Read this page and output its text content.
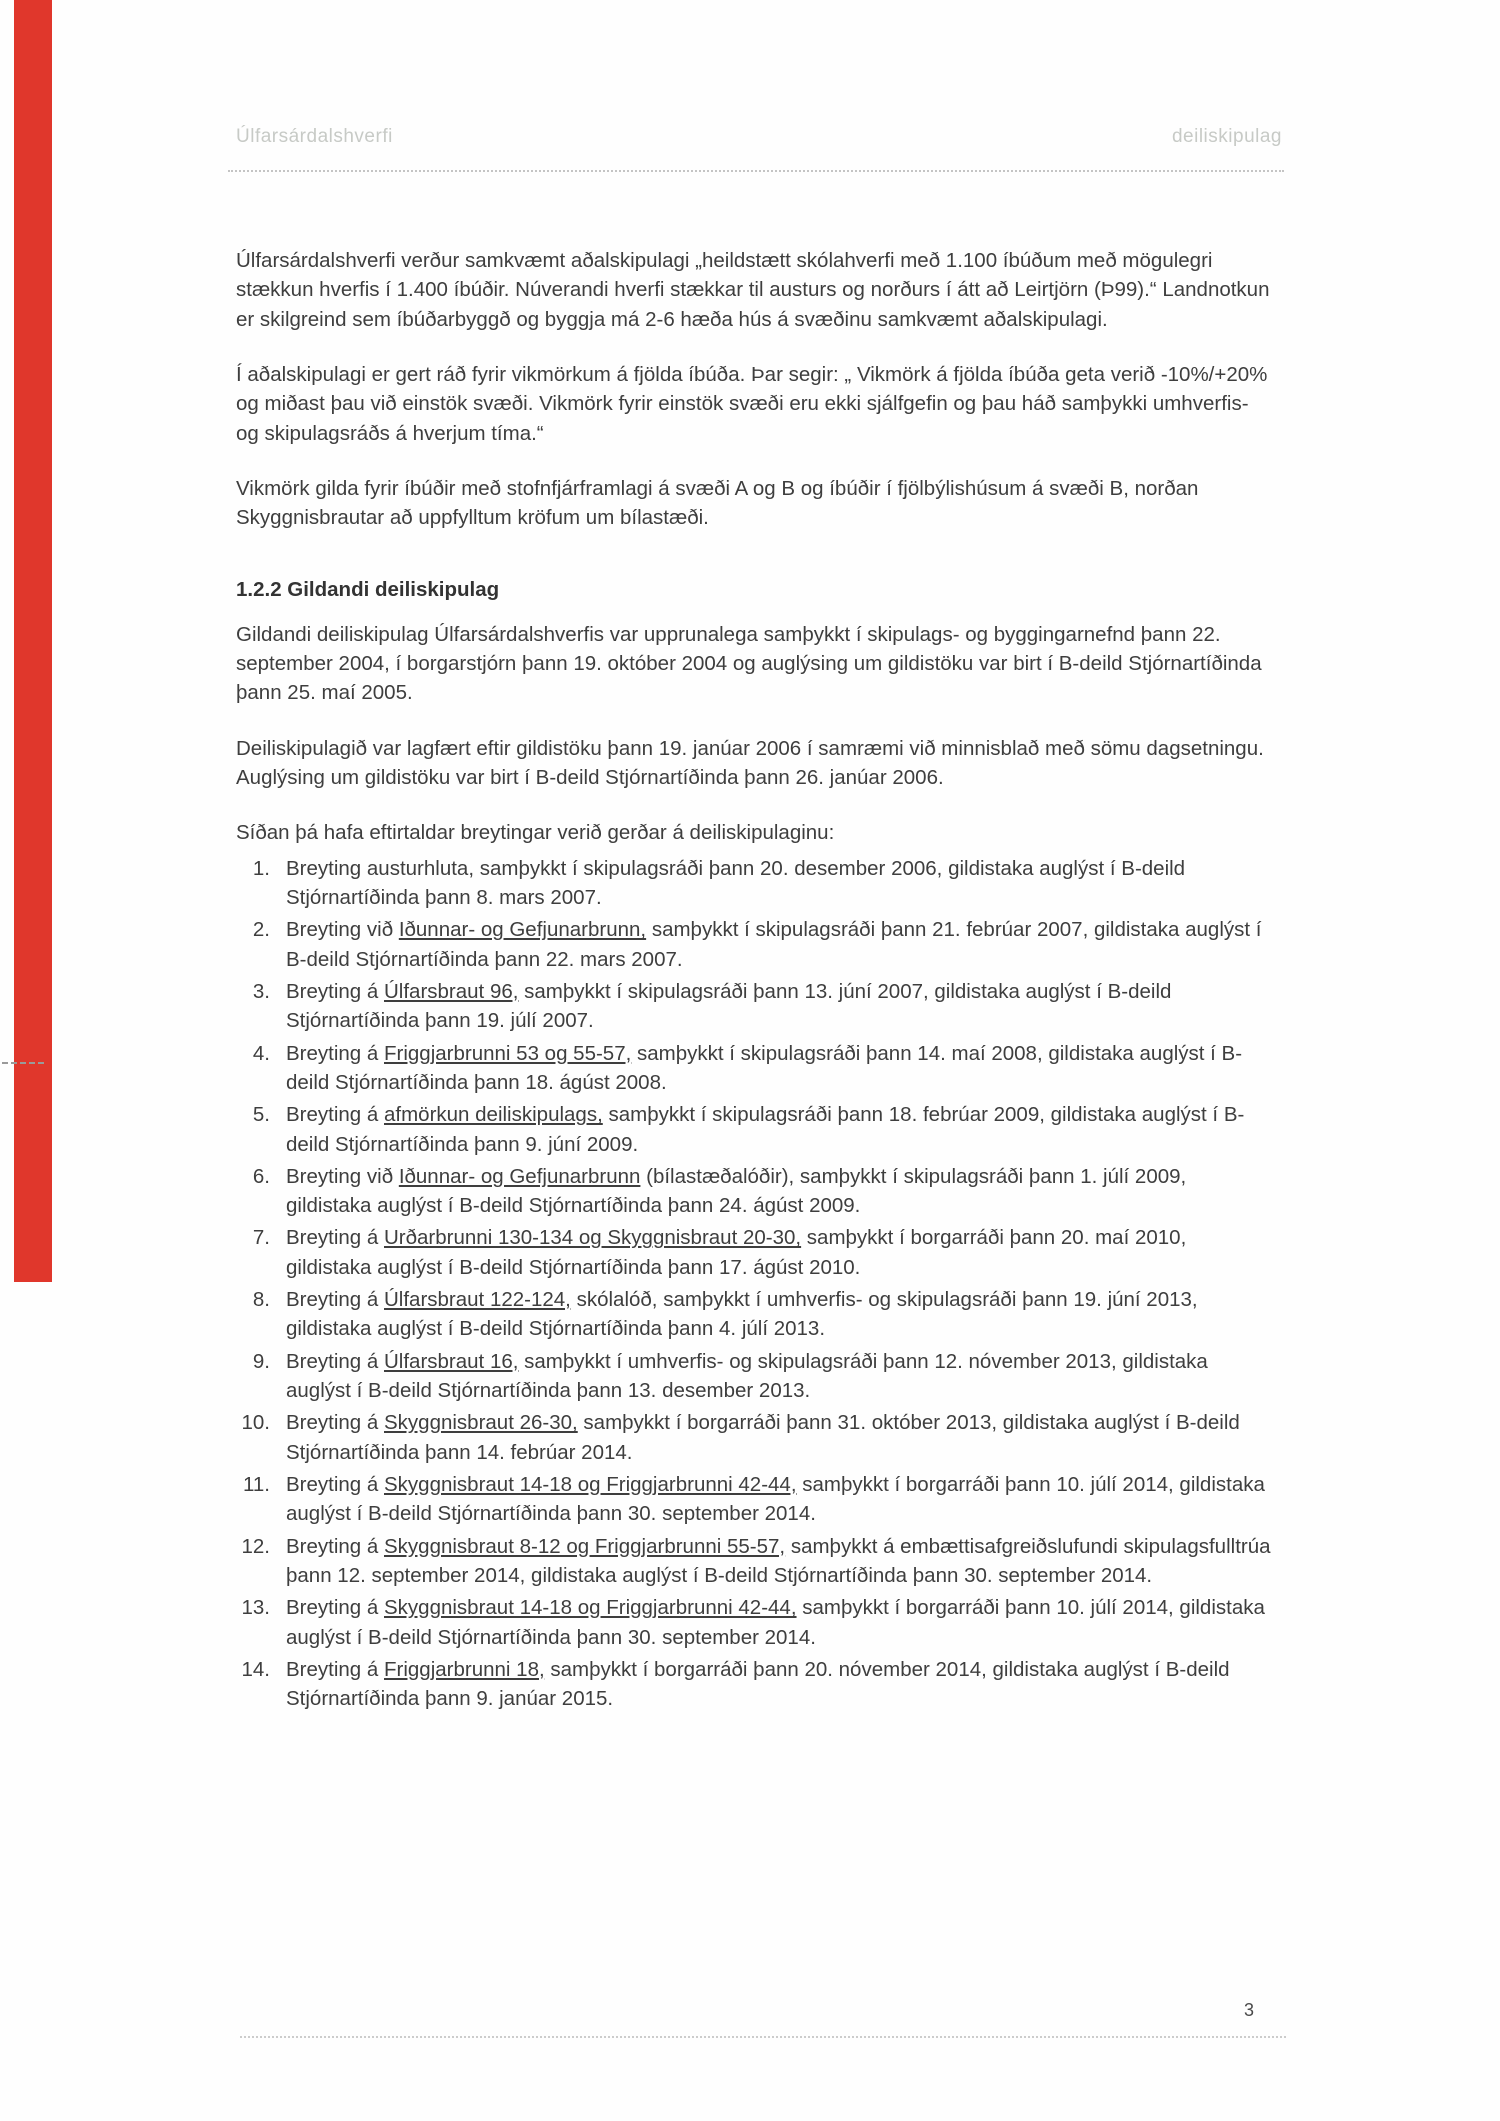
Úlfarsárdalshverfi	deiliskipulag

Úlfarsárdalshverfi verður samkvæmt aðalskipulagi „heildstætt skólahverfi með 1.100 íbúðum með mögulegri stækkun hverfis í 1.400 íbúðir. Núverandi hverfi stækkar til austurs og norðurs í átt að Leirtjörn (Þ99).“ Landnotkun er skilgreind sem íbúðarbyggð og byggja má 2-6 hæða hús á svæðinu samkvæmt aðalskipulagi.

Í aðalskipulagi er gert ráð fyrir vikmörkum á fjölda íbúða. Þar segir: „ Vikmörk á fjölda íbúða geta verið -10%/+20% og miðast þau við einstök svæði. Vikmörk fyrir einstök svæði eru ekki sjálfgefin og þau háð samþykki umhverfis- og skipulagsráðs á hverjum tíma.“

Vikmörk gilda fyrir íbúðir með stofnfjárframlagi á svæði A og B og íbúðir í fjölbýlishúsum á svæði B, norðan Skyggnisbrautar að uppfylltum kröfum um bílastæði.

1.2.2 Gildandi deiliskipulag

Gildandi deiliskipulag Úlfarsárdalshverfis var upprunalega samþykkt í skipulags- og byggingarnefnd þann 22. september 2004, í borgarstjórn þann 19. október 2004 og auglýsing um gildistöku var birt í B-deild Stjórnartíðinda þann 25. maí 2005.

Deiliskipulagið var lagfært eftir gildistöku þann 19. janúar 2006 í samræmi við minnisblað með sömu dagsetningu. Auglýsing um gildistöku var birt í B-deild Stjórnartíðinda þann 26. janúar 2006.

Síðan þá hafa eftirtaldar breytingar verið gerðar á deiliskipulaginu:

1. Breyting austurhluta, samþykkt í skipulagsráði þann 20. desember 2006, gildistaka auglýst í B-deild Stjórnartíðinda þann 8. mars 2007.
2. Breyting við Iðunnar- og Gefjunarbrunn, samþykkt í skipulagsráði þann 21. febrúar 2007, gildistaka auglýst í B-deild Stjórnartíðinda þann 22. mars 2007.
3. Breyting á Úlfarsbraut 96, samþykkt í skipulagsráði þann 13. júní 2007, gildistaka auglýst í B-deild Stjórnartíðinda þann 19. júlí 2007.
4. Breyting á Friggjarbrunni 53 og 55-57, samþykkt í skipulagsráði þann 14. maí 2008, gildistaka auglýst í B-deild Stjórnartíðinda þann 18. ágúst 2008.
5. Breyting á afmörkun deiliskipulags, samþykkt í skipulagsráði þann 18. febrúar 2009, gildistaka auglýst í B-deild Stjórnartíðinda þann 9. júní 2009.
6. Breyting við Iðunnar- og Gefjunarbrunn (bílastæðalóðir), samþykkt í skipulagsráði þann 1. júlí 2009, gildistaka auglýst í B-deild Stjórnartíðinda þann 24. ágúst 2009.
7. Breyting á Urðarbrunni 130-134 og Skyggnisbraut 20-30, samþykkt í borgarráði þann 20. maí 2010, gildistaka auglýst í B-deild Stjórnartíðinda þann 17. ágúst 2010.
8. Breyting á Úlfarsbraut 122-124, skólalóð, samþykkt í umhverfis- og skipulagsráði þann 19. júní 2013, gildistaka auglýst í B-deild Stjórnartíðinda þann 4. júlí 2013.
9. Breyting á Úlfarsbraut 16, samþykkt í umhverfis- og skipulagsráði þann 12. nóvember 2013, gildistaka auglýst í B-deild Stjórnartíðinda þann 13. desember 2013.
10. Breyting á Skyggnisbraut 26-30, samþykkt í borgarráði þann 31. október 2013, gildistaka auglýst í B-deild Stjórnartíðinda þann 14. febrúar 2014.
11. Breyting á Skyggnisbraut 14-18 og Friggjarbrunni 42-44, samþykkt í borgarráði þann 10. júlí 2014, gildistaka auglýst í B-deild Stjórnartíðinda þann 30. september 2014.
12. Breyting á Skyggnisbraut 8-12 og Friggjarbrunni 55-57, samþykkt á embættisafgreiðslufundi skipulagsfulltrúa þann 12. september 2014, gildistaka auglýst í B-deild Stjórnartíðinda þann 30. september 2014.
13. Breyting á Skyggnisbraut 14-18 og Friggjarbrunni 42-44, samþykkt í borgarráði þann 10. júlí 2014, gildistaka auglýst í B-deild Stjórnartíðinda þann 30. september 2014.
14. Breyting á Friggjarbrunni 18, samþykkt í borgarráði þann 20. nóvember 2014, gildistaka auglýst í B-deild Stjórnartíðinda þann 9. janúar 2015.
3
